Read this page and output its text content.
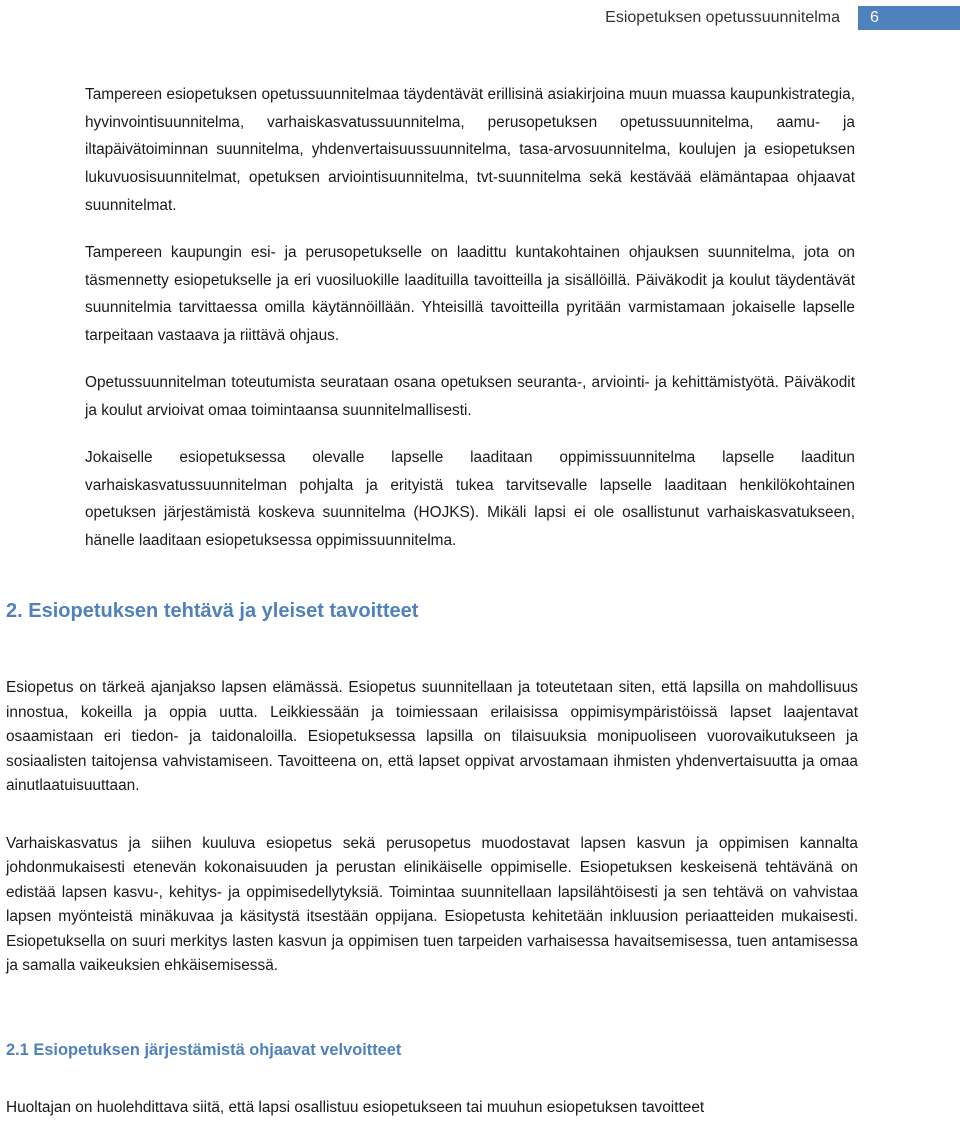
Esiopetuksen opetussuunnitelma	6

Tampereen esiopetuksen opetussuunnitelmaa täydentävät erillisinä asiakirjoina muun muassa kaupunkistrategia, hyvinvointisuunnitelma, varhaiskasvatussuunnitelma, perusopetuksen opetussuunnitelma, aamu- ja iltapäivätoiminnan suunnitelma, yhdenvertaisuussuunnitelma, tasa-arvosuunnitelma, koulujen ja esiopetuksen lukuvuosisuunnitelmat, opetuksen arviointisuunnitelma, tvt-suunnitelma sekä kestävää elämäntapaa ohjaavat suunnitelmat.

Tampereen kaupungin esi- ja perusopetukselle on laadittu kuntakohtainen ohjauksen suunnitelma, jota on täsmennetty esiopetukselle ja eri vuosiluokille laadituilla tavoitteilla ja sisällöillä. Päiväkodit ja koulut täydentävät suunnitelmia tarvittaessa omilla käytännöillään. Yhteisillä tavoitteilla pyritään varmistamaan jokaiselle lapselle tarpeitaan vastaava ja riittävä ohjaus.

Opetussuunnitelman toteutumista seurataan osana opetuksen seuranta-, arviointi- ja kehittämistyötä. Päiväkodit ja koulut arvioivat omaa toimintaansa suunnitelmallisesti.

Jokaiselle esiopetuksessa olevalle lapselle laaditaan oppimissuunnitelma lapselle laaditun varhaiskasvatussuunnitelman pohjalta ja erityistä tukea tarvitsevalle lapselle laaditaan henkilökohtainen opetuksen järjestämistä koskeva suunnitelma (HOJKS). Mikäli lapsi ei ole osallistunut varhaiskasvatukseen, hänelle laaditaan esiopetuksessa oppimissuunnitelma.

2. Esiopetuksen tehtävä ja yleiset tavoitteet

Esiopetus on tärkeä ajanjakso lapsen elämässä. Esiopetus suunnitellaan ja toteutetaan siten, että lapsilla on mahdollisuus innostua, kokeilla ja oppia uutta. Leikkiessään ja toimiessaan erilaisissa oppimisympäristöissä lapset laajentavat osaamistaan eri tiedon- ja taidonaloilla. Esiopetuksessa lapsilla on tilaisuuksia monipuoliseen vuorovaikutukseen ja sosiaalisten taitojensa vahvistamiseen. Tavoitteena on, että lapset oppivat arvostamaan ihmisten yhdenvertaisuutta ja omaa ainutlaatuisuuttaan.

Varhaiskasvatus ja siihen kuuluva esiopetus sekä perusopetus muodostavat lapsen kasvun ja oppimisen kannalta johdonmukaisesti etenevän kokonaisuuden ja perustan elinikäiselle oppimiselle. Esiopetuksen keskeisenä tehtävänä on edistää lapsen kasvu-, kehitys- ja oppimisedellytyksiä. Toimintaa suunnitellaan lapsilähtöisesti ja sen tehtävä on vahvistaa lapsen myönteistä minäkuvaa ja käsitystä itsestään oppijana. Esiopetusta kehitetään inkluusion periaatteiden mukaisesti. Esiopetuksella on suuri merkitys lasten kasvun ja oppimisen tuen tarpeiden varhaisessa havaitsemisessa, tuen antamisessa ja samalla vaikeuksien ehkäisemisessä.

2.1 Esiopetuksen järjestämistä ohjaavat velvoitteet

Huoltajan on huolehdittava siitä, että lapsi osallistuu esiopetukseen tai muuhun esiopetuksen tavoitteet
